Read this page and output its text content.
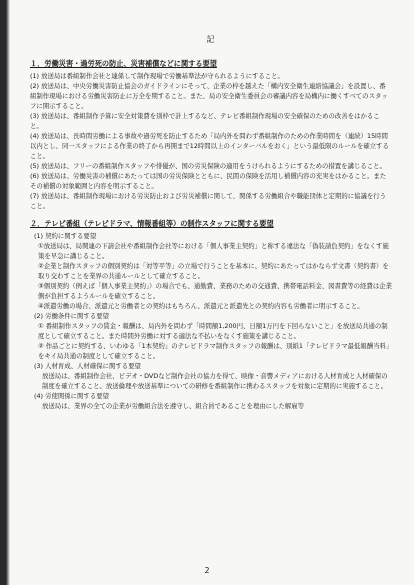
記
１．労働災害・過労死の防止、災害補償などに関する要望
(1) 放送局は番組制作会社と連係して制作現場で労働基準法が守られるようにすること。
(2) 放送局は、中央労働災害防止協会のガイドラインにそって、企業の枠を越えた「構内安全衛生連絡協議会」を設置し、番組制作現場における労働災害防止に万全を期すること。また、局の安全衛生委員会の審議内容を局構内に働くすべてのスタッフに開示すること。
(3) 放送局は、番組制作予算に安全対策費を別枠で計上するなど、テレビ番組制作現場の安全確保のための改善をはかること。
(4) 放送局は、長時間労働による事故や過労死を防止するため「局内外を問わず番組制作のための作業時間を（連続）15時間以内とし、同一スタッフによる作業の終了から再開まで12時間以上のインターバルをおく」という最低限のルールを確立すること。
(5) 放送局は、フリーの番組制作スタッフや俳優が、国の労災保険の適用をうけられるようにするための措置を講じること。
(6) 放送局は、労働災害の補償にあたっては国の労災保険とともに、民間の保険を活用し補償内容の充実をはかること。またその補償の対象範囲と内容を明示すること。
(7) 放送局は、番組制作現場における労災防止および労災補償に関して、関係する労働組合や職能団体と定期的に協議を行うこと。
２．テレビ番組（テレビドラマ、情報番組等）の制作スタッフに関する要望
(1) 契約に関する要望
①放送局は、局関連の下請会社や番組制作会社等における「個人事業主契約」と称する違法な「偽装請負契約」をなくす施策を早急に講じること。
②企業と制作スタッフの個別契約は「対等平等」の立場で行うことを基本に、契約にあたってはかならず文書（契約書）を取り交わすことを業界の共通ルールとして確立すること。
③個別契約（例えば「個人事業主契約」）の場合でも、通勤費、業務のための交通費、携帯電話料金、図書費等の経費は企業側が負担するようルールを確立すること。
④派遣労働の場合、派遣元と労働者との契約はもちろん、派遣元と派遣先との契約内容も労働者に明示すること。
(2) 労働条件に関する要望
① 番組制作スタッフの賃金・報酬は、局内外を問わず「時間額1,200円、日額1万円を下回らないこと」を放送局共通の制度として確立すること。また時間外労働に対する適法な不払いをなくす施策を講じること。
② 作品ごとに契約する、いわゆる「1本契約」のテレビドラマ制作スタッフの報酬は、別紙1「テレビドラマ最低報酬当料」をキイ局共通の制度として確立すること。
(3) 人材育成、人材確保に関する要望
放送局は、番組制作会社、ビデオ・DVDなど制作会社の協力を得て、映像・音響メディアにおける人材育成と人材確保の制度を確立すること。放送倫理や放送基準についての研修を番組制作に携わるスタッフを対象に定期的に実施すること。
(4) 労使関係に関する要望
放送局は、業界の全ての企業が労働組合法を遵守し、組合員であることを理由にした解雇等
2
